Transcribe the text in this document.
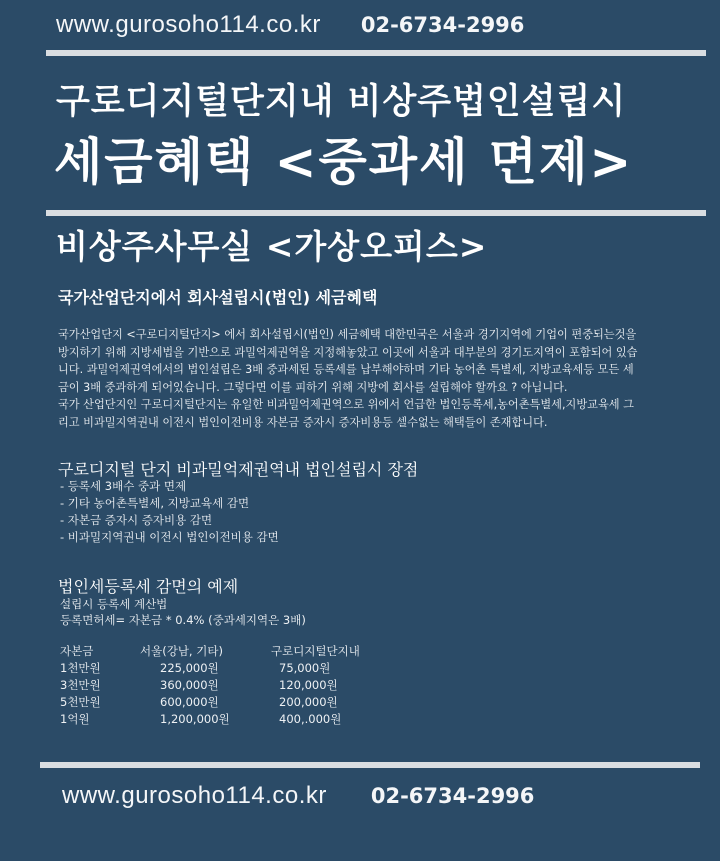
www.gurosoho114.co.kr 02-6734-2996
구로디지털단지내 비상주법인설립시
세금혜택 <중과세 면제>
비상주사무실 <가상오피스>
국가산업단지에서 회사설립시(법인) 세금혜택

국가산업단지 <구로디지털단지> 에서 회사설립시(법인) 세금혜택 대한민국은 서울과 경기지역에 기업이 편중되는것을

방지하기 위해 지방세법을 기반으로 과밀억제권역을 지정해놓았고 이곳에 서울과 대부분의 경기도지역이 포함되어 있습

니다. 과밀억제권역에서의 법인설립은 3배 중과세된 등록세를 납부해야하며 기타 농어촌 특별세, 지방교육세등 모든 세

금이 3배 중과하게 되어있습니다. 그렇다면 이를 피하기 위해 지방에 회사를 설립해야 할까요 ? 아닙니다.

국가 산업단지인 구로디지털단지는 유일한 비과밀억제권역으로 위에서 언급한 법인등록세,농어촌특별세,지방교육세 그

리고 비과밀지역권내 이전시 법인이전비용 자본금 증자시 증자비용등 셀수없는 해택들이 존재합니다.

구로디지털 단지 비과밀억제권역내 법인설립시 장점
- 등록세 3배수 중과 면제
- 기타 농어촌특별세, 지방교육세 감면
- 자본금 증자시 증자비용 감면
- 비과밀지역권내 이전시 법인이전비용 감면
법인세등록세 감면의 예제
설립시 등록세 계산법
등록면허세= 자본금 * 0.4% (중과세지역은 3배)
자본금	서울(강남, 기타)	구로디지털단지내
1천만원	225,000원	75,000원
3천만원	360,000원	120,000원
5천만원	600,000원	200,000원
1억원	1,200,000원	400,.000원
www.gurosoho114.co.kr 02-6734-2996
